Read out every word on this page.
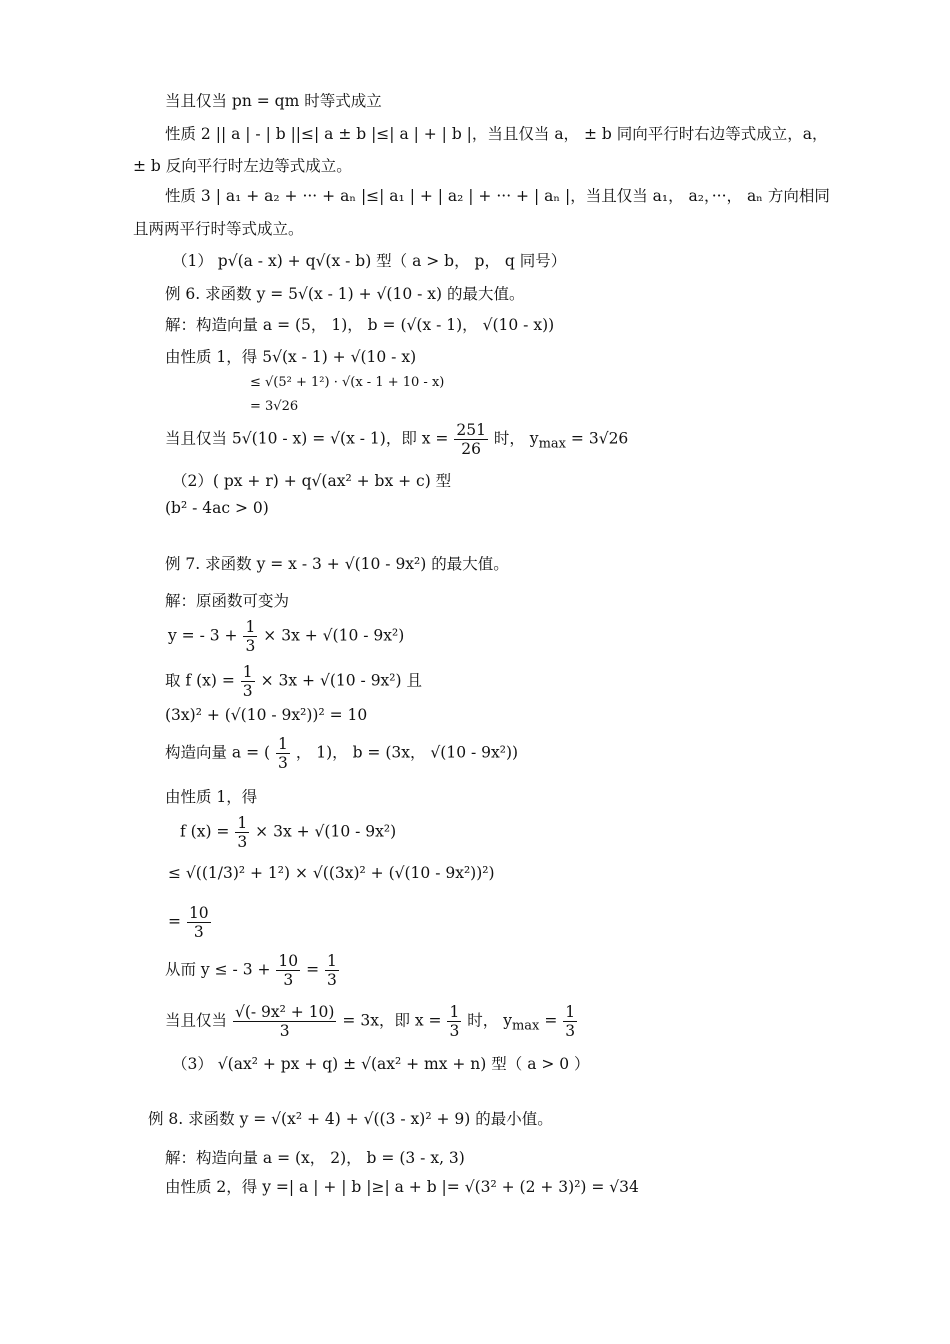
当且仅当 pn = qm 时等式成立
性质 2 || a | - | b ||≤| a ± b |≤| a | + | b |，当且仅当 a， ± b 同向平行时右边等式成立，a，
± b 反向平行时左边等式成立。
性质 3 | a₁ + a₂ + ··· + aₙ |≤| a₁ | + | a₂ | + ··· + | aₙ |，当且仅当 a₁， a₂，···， aₙ 方向相同
且两两平行时等式成立。
（1） p√(a - x) + q√(x - b) 型（ a > b， p， q 同号）
例 6. 求函数 y = 5√(x - 1) + √(10 - x) 的最大值。
解：构造向量 a = (5， 1)， b = (√(x - 1)， √(10 - x))
由性质 1，得 5√(x - 1) + √(10 - x)
≤ √(5² + 1²) · √(x - 1 + 10 - x)
= 3√26
当且仅当 5√(10 - x) = √(x - 1)，即 $x = \frac{251}{26}$ 时， $y_{max} = 3√26$
（2）( px + r) + q√(ax² + bx + c) 型
(b² - 4ac > 0)
例 7. 求函数 y = x - 3 + √(10 - 9x²) 的最大值。
解：原函数可变为
y = - $3 + \frac{1}{3} \times 3x + √(10 - 9x^2)$
取 f $(x) = \frac{1}{3} \times 3x + √(10 - 9x^2)$ 且
(3x)² + (√(10 - 9x²))² = 10
构造向量 a = ( $\frac{1}{3}$ ， 1)， b = (3x， √(10 - 9x²))
由性质 1，得
f $(x) = \frac{1}{3} \times 3x + √(10 - 9x^2)$
≤ √((1/3)² + 1²) × √((3x)² + (√(10 - 9x²))²)
= $\frac{10}{3}$
从而 y ≤ - $3 + \frac{10}{3} = \frac{1}{3}$
当且仅当 $\frac{\text{√(- 9x² + 10)}}{3} = 3x$，即 $x = \frac{1}{3}$ 时， $y_{max} = \frac{1}{3}$
（3） √(ax² + px + q) ± √(ax² + mx + n) 型（ a > 0 ）
例 8. 求函数 y = √(x² + 4) + √((3 - x)² + 9) 的最小值。
解：构造向量 a = (x， 2)， b = (3 - x, 3)
由性质 2，得 y =| a | + | b |≥| a + b |= √(3² + (2 + 3)²) = √34
